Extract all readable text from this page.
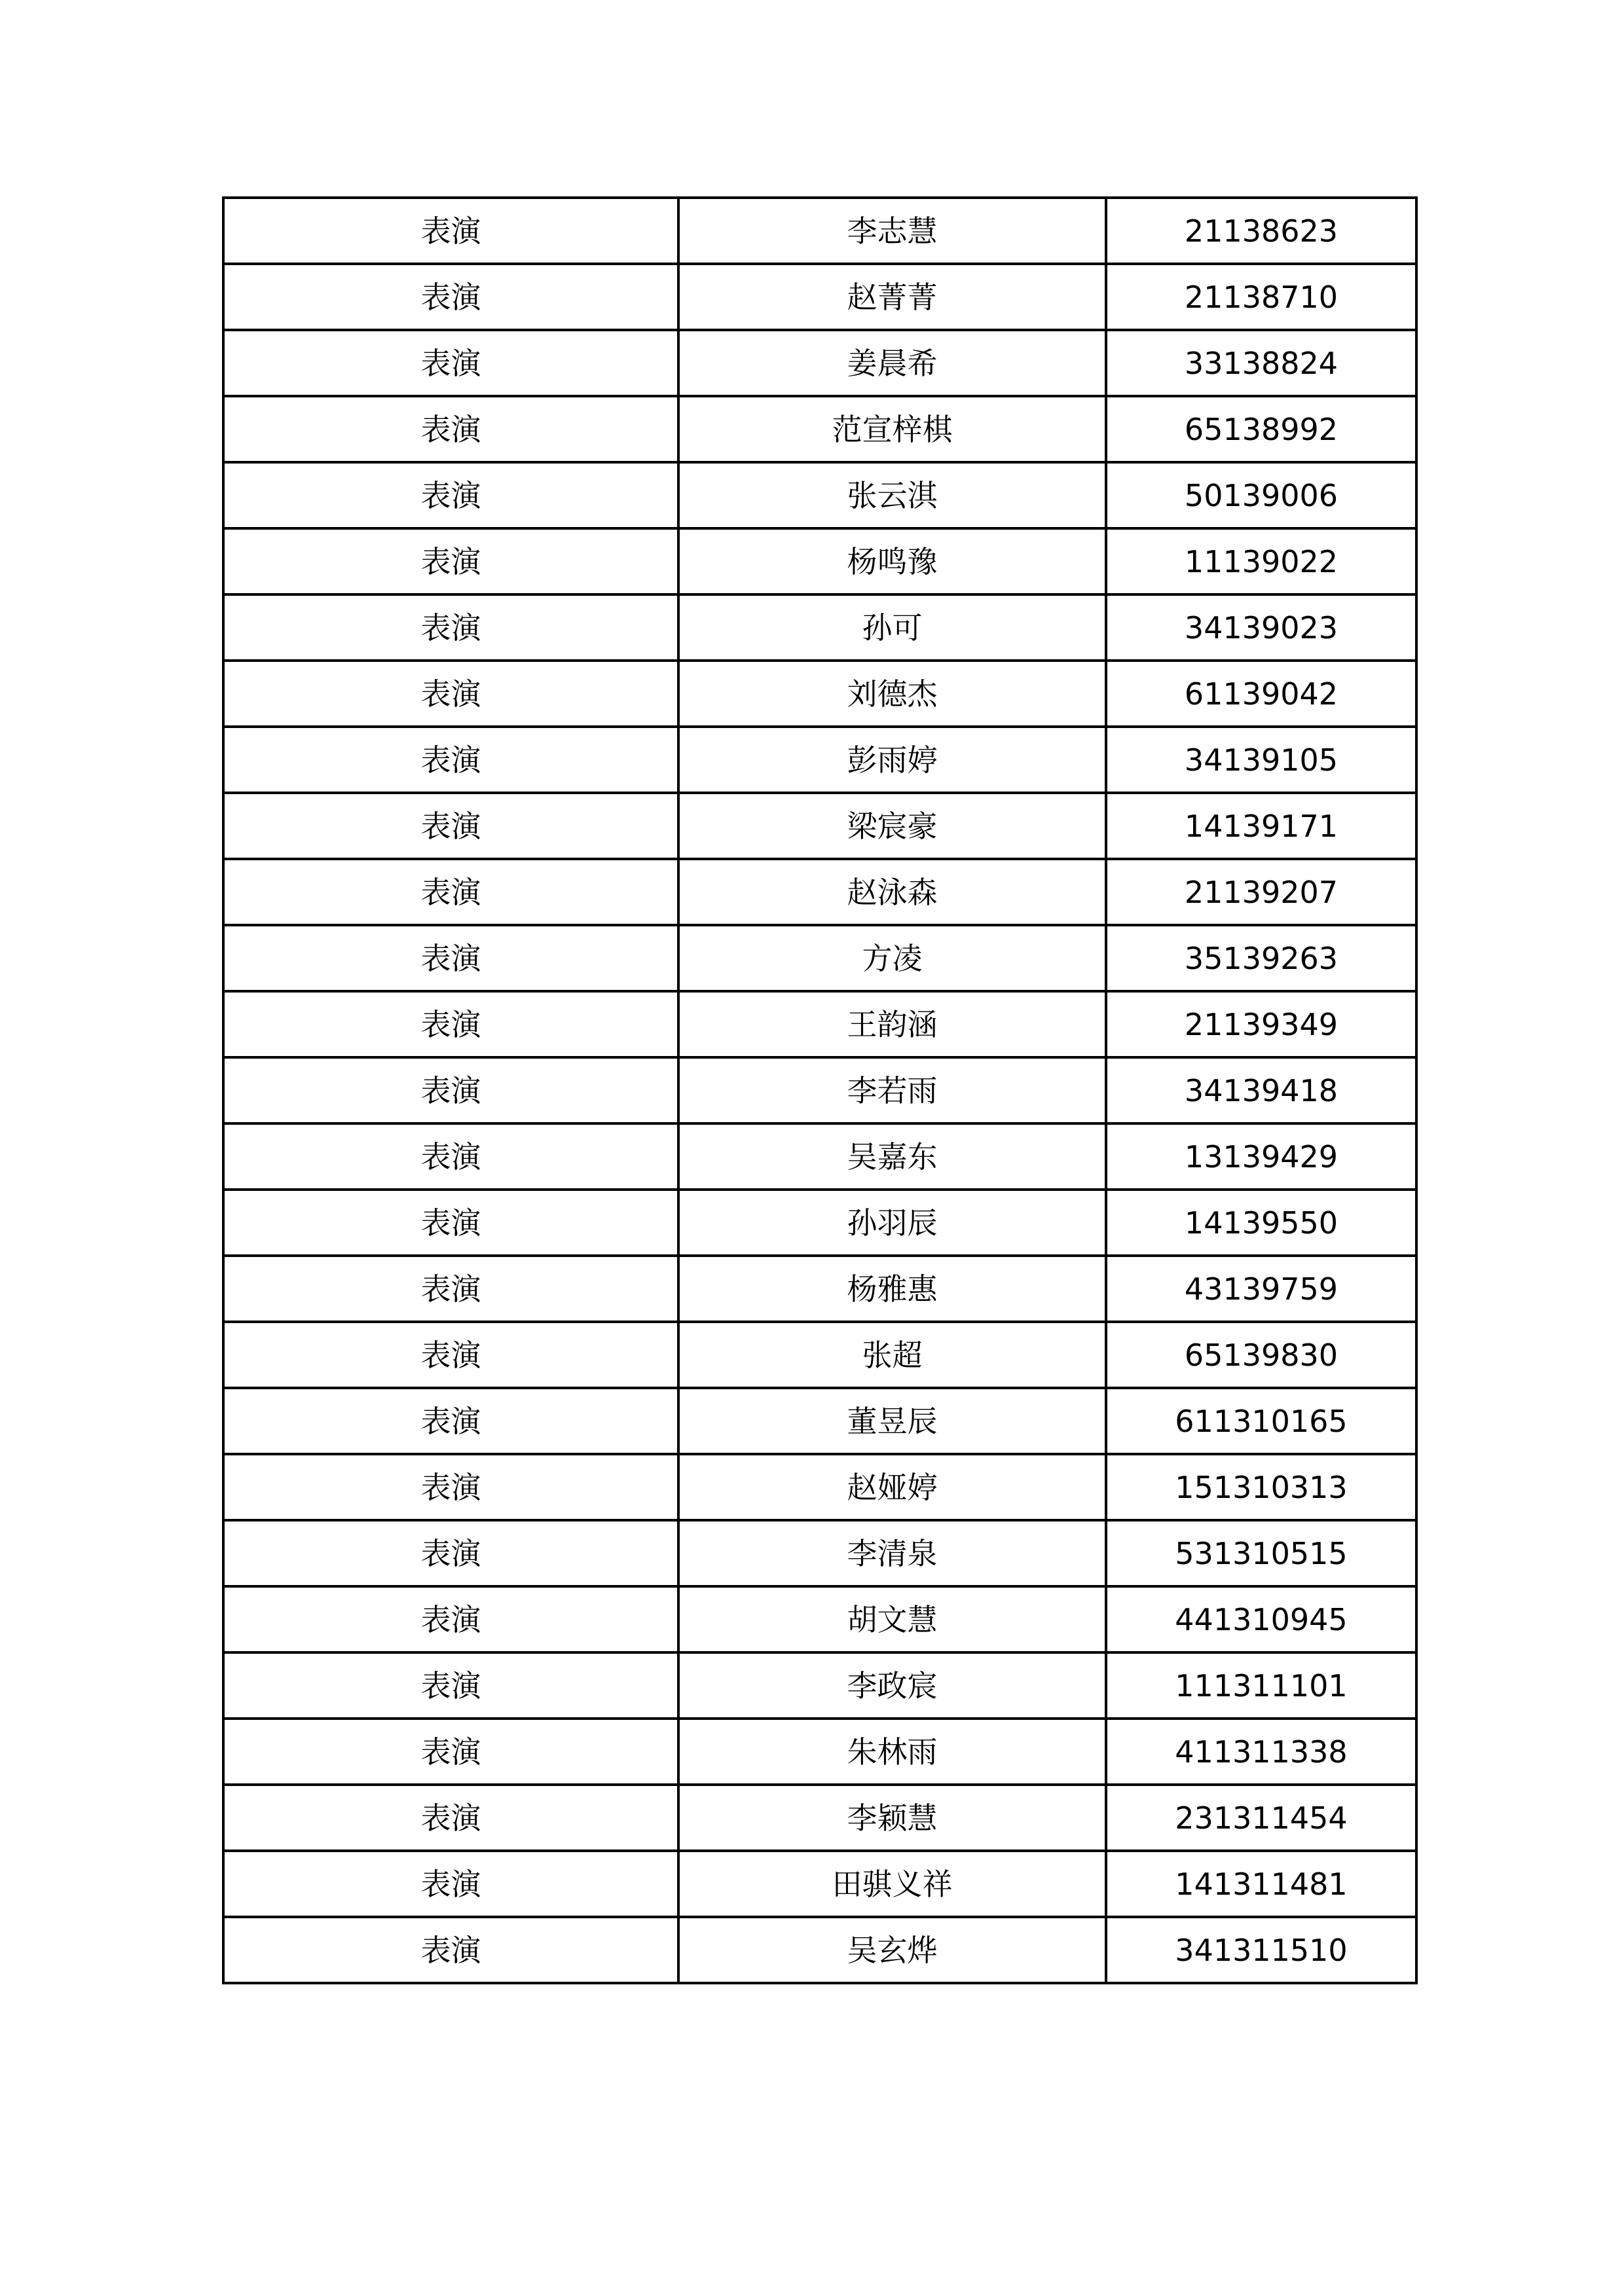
表演	李志慧	21138623
表演	赵菁菁	21138710
表演	姜晨希	33138824
表演	范宣梓棋	65138992
表演	张云淇	50139006
表演	杨鸣豫	11139022
表演	孙可	34139023
表演	刘德杰	61139042
表演	彭雨婷	34139105
表演	梁宸豪	14139171
表演	赵泳森	21139207
表演	方凌	35139263
表演	王韵涵	21139349
表演	李若雨	34139418
表演	吴嘉东	13139429
表演	孙羽辰	14139550
表演	杨雅惠	43139759
表演	张超	65139830
表演	董昱辰	611310165
表演	赵娅婷	151310313
表演	李清泉	531310515
表演	胡文慧	441310945
表演	李政宸	111311101
表演	朱林雨	411311338
表演	李颖慧	231311454
表演	田骐义祥	141311481
表演	吴玄烨	341311510
